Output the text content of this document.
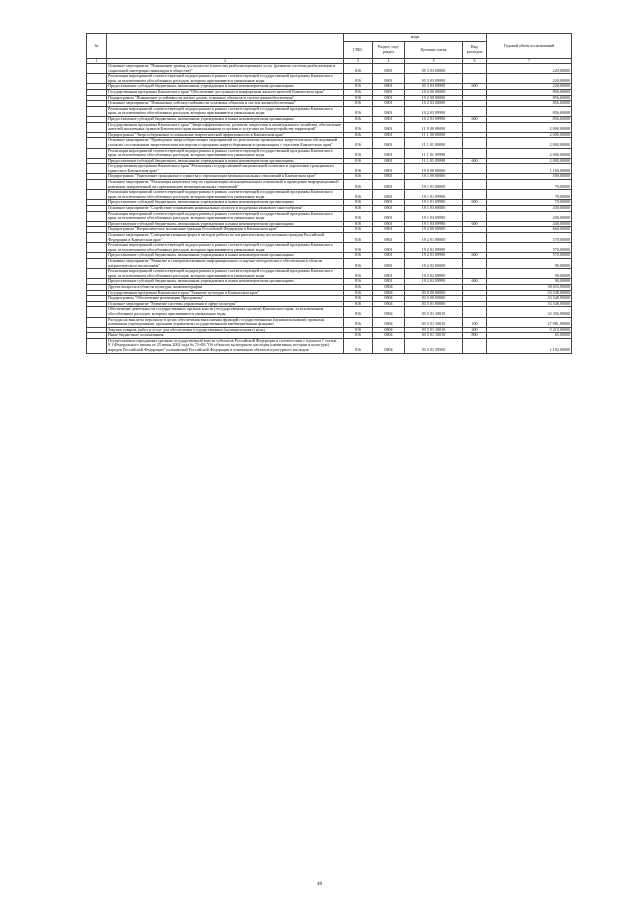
№		коды				Годовой объем ассигнований
		ГРБС	Раздел, под-раздел	Целевая статья	Вид расходов	
1	2	3	4	5	6	7
	Основное мероприятие "Повышение уровня доступности и качества реабилитационных услуг (развитие системы реабилитации и социальной интеграции инвалидов в обществе)"	816	0801	05 3 03 00000		220,00000
	Реализация мероприятий соответствующей подпрограммы в рамках соответствующей государственной программы Камчатского края, за исключением обособленных расходов, которым присваиваются уникальные коды	816	0801	05 3 03 09990		220,00000
	Предоставление субсидий бюджетным, автономным учреждениям и иным некоммерческим организациям	816	0801	05 3 03 09990	600	220,00000
	Государственная программа Камчатского края "Обеспечение доступным и комфортным жильем жителей Камчатского края"	816	0801	10 0 00 00000		856,60000
	Подпрограмма "Повышение устойчивости жилых домов, основных объектов и систем жизнеобеспечения"	816	0801	10 2 00 00000		856,60000
	Основное мероприятие "Повышение сейсмоустойчивости основных объектов и систем жизнеобеспечения"	816	0801	10 2 03 00000		856,60000
	Реализация мероприятий соответствующей подпрограммы в рамках соответствующей государственной программы Камчатского края, за исключением обособленных расходов, которым присваиваются уникальные коды	816	0801	10 2 03 09990		856,60000
	Предоставление субсидий бюджетным, автономным учреждениям и иным некоммерческим организациям	816	0801	10 2 03 09990	600	856,60000
	Государственная программа Камчатского края "Энергоэффективность, развитие энергетики и коммунального хозяйства, обеспечение жителей населенных пунктов Камчатского края коммунальными услугами и услугами по благоустройству территорий"	816	0801	11 0 00 00000		2 000,00000
	Подпрограмма "Энергосбережение и повышение энергетической эффективности в Камчатском крае"	816	0801	11 1 00 00000		2 000,00000
	Основное мероприятие "Проведение энергосберегающих мероприятий по результатам проведенных энергетических обследований согласно составленным энергетическим паспортам и программ энергосбережения в организациях с участием Камчатского края"	816	0801	11 1 01 00000		2 000,00000
	Реализация мероприятий соответствующей подпрограммы в рамках соответствующей государственной программы Камчатского края, за исключением обособленных расходов, которым присваиваются уникальные коды	816	0801	11 1 01 09990		2 000,00000
	Предоставление субсидий бюджетным, автономным учреждениям и иным некоммерческим организациям	816	0801	11 1 01 09990	600	2 000,00000
	Государственная программа Камчатского края "Реализация государственной национальной политики и укрепление гражданского единства в Камчатском крае"	816	0801	19 0 00 00000		1 160,00000
	Подпрограмма "Укрепление гражданского единства и гармонизация межнациональных отношений в Камчатском крае"	816	0801	19 1 00 00000		500,00000
	Основное мероприятие "Реализация комплекса мер по гармонизации межнациональных отношений и проведение информационной кампании, направленной на гармонизацию межнациональных отношений"	816	0801	19 1 01 00000		70,00000
	Реализация мероприятий соответствующей подпрограммы в рамках соответствующей государственной программы Камчатского края, за исключением обособленных расходов, которым присваиваются уникальные коды	816	0801	19 1 01 09990		70,00000
	Предоставление субсидий бюджетным, автономным учреждениям и иным некоммерческим организациям	816	0801	19 1 01 09990	600	70,00000
	Основное мероприятие "Содействие сохранению национальных культур и поддержка языкового многообразия"	816	0801	19 1 03 00000		430,00000
	Реализация мероприятий соответствующей подпрограммы в рамках соответствующей государственной программы Камчатского края, за исключением обособленных расходов, которым присваиваются уникальные коды	816	0801	19 1 03 09990		430,00000
	Предоставление субсидий бюджетным, автономным учреждениям и иным некоммерческим организациям	816	0801	19 1 03 09990	600	430,00000
	Подпрограмма "Патриотическое воспитание граждан Российской Федерации в Камчатском крае"	816	0801	19 2 00 00000		660,00000
	Основное мероприятие "Совершенствование форм и методов работы по патриотическому воспитанию граждан Российской Федерации в Камчатском крае"	816	0801	19 2 01 00000		570,00000
	Реализация мероприятий соответствующей подпрограммы в рамках соответствующей государственной программы Камчатского края, за исключением обособленных расходов, которым присваиваются уникальные коды	816	0801	19 2 01 09990		570,00000
	Предоставление субсидий бюджетным, автономным учреждениям и иным некоммерческим организациям	816	0801	19 2 01 09990	600	570,00000
	Основное мероприятие "Развитие и совершенствование информационного и научно-методического обеспечения в области патриотического воспитания"	816	0801	19 2 02 00000		90,00000
	Реализация мероприятий соответствующей подпрограммы в рамках соответствующей государственной программы Камчатского края, за исключением обособленных расходов, которым присваиваются уникальные коды	816	0801	19 2 02 09990		90,00000
	Предоставление субсидий бюджетным, автономным учреждениям и иным некоммерческим организациям	816	0801	19 2 02 09990	600	90,00000
	Другие вопросы в области культуры, кинематографии	816	0804			38 653,90000
	Государственная программа Камчатского края "Развитие культуры в Камчатском крае"	816	0804	03 0 00 00000		33 548,90000
	Подпрограмма "Обеспечение реализации Программы"	816	0804	03 5 00 00000		33 548,90000
	Основное мероприятие "Развитие системы управления в сфере культуры"	816	0804	03 5 01 00000		33 548,90000
	Обеспечение деятельности государственных органов власти (государственных органов) Камчатского края, за исключением обособленных расходов, которым присваиваются уникальные коды	816	0804	03 5 01 10010		32 356,90000
	Расходы на выплаты персоналу в целях обеспечения выполнения функций государственными (муниципальными) органами, казенными учреждениями, органами управления государственными внебюджетными фондами	816	0804	03 5 01 10010	100	27 081,90000
	Закупка товаров, работ и услуг для обеспечения государственных (муниципальных) нужд	816	0804	03 5 01 10010	200	5 210,00000
	Иные бюджетные ассигнования	816	0804	03 5 01 10010	800	65,00000
	Осуществление переданных органам государственной власти субъектов Российской Федерации в соответствии с пунктом 1 статьи 9.1 Федерального закона от 25 июня 2002 года № 73-ФЗ "Об объектах культурного наследия (памятниках истории и культуры) народов Российской Федерации" полномочий Российской Федерации в отношении объектов культурного наследия	816	0804	03 5 01 59500		1 192,00000
48
